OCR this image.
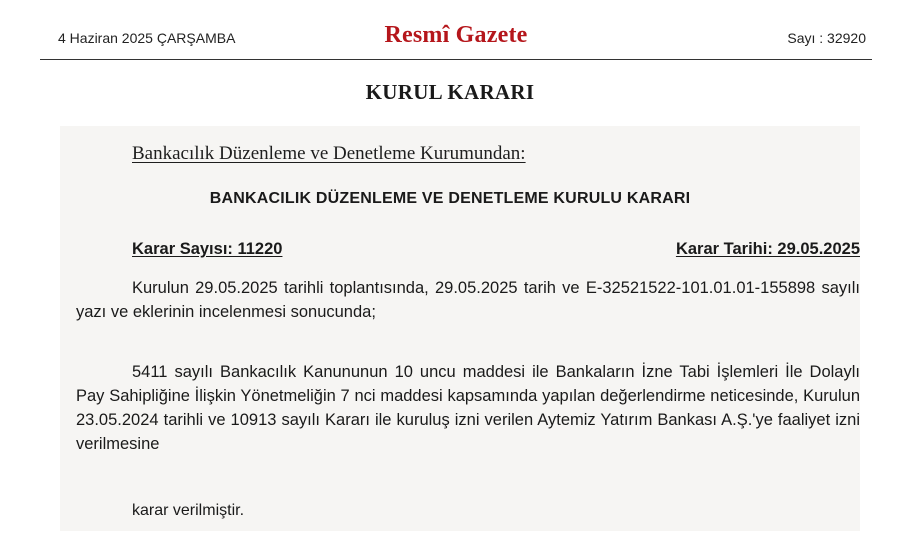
4 Haziran 2025 ÇARŞAMBA	Resmî Gazete	Sayı : 32920
KURUL KARARI
Bankacılık Düzenleme ve Denetleme Kurumundan:
BANKACILIK DÜZENLEME VE DENETLEME KURULU KARARI
Karar Sayısı: 11220	Karar Tarihi: 29.05.2025
Kurulun 29.05.2025 tarihli toplantısında, 29.05.2025 tarih ve E-32521522-101.01.01-155898 sayılı yazı ve eklerinin incelenmesi sonucunda;
5411 sayılı Bankacılık Kanununun 10 uncu maddesi ile Bankaların İzne Tabi İşlemleri İle Dolaylı Pay Sahipliğine İlişkin Yönetmeliğin 7 nci maddesi kapsamında yapılan değerlendirme neticesinde, Kurulun 23.05.2024 tarihli ve 10913 sayılı Kararı ile kuruluş izni verilen Aytemiz Yatırım Bankası A.Ş.'ye faaliyet izni verilmesine
karar verilmiştir.
